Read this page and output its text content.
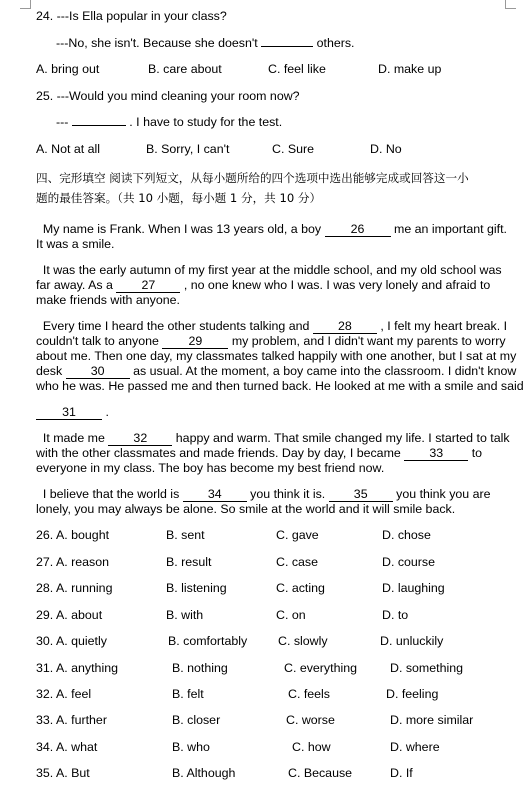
24. ---Is Ella popular in your class?
---No, she isn't. Because she doesn't	others.
A. bring out	B. care about	C. feel like	D. make up
25. ---Would you mind cleaning your room now?
---	. I have to study for the test.
A. Not at all	B. Sorry, I can't	C. Sure	D. No
四、完形填空 阅读下列短文，从每小题所给的四个选项中选出能够完成或回答这一小
题的最佳答案。（共 10 小题，每小题 1 分，共 10 分）
My name is Frank. When I was 13 years old, a boy 26 me an important gift.
It was a smile.
It was the early autumn of my first year at the middle school, and my old school was
far away. As a 27 , no one knew who I was. I was very lonely and afraid to
make friends with anyone.
Every time I heard the other students talking and 28 , I felt my heart break. I
couldn't talk to anyone 29 my problem, and I didn't want my parents to worry
about me. Then one day, my classmates talked happily with one another, but I sat at my
desk 30 as usual. At the moment, a boy came into the classroom. I didn't know
who he was. He passed me and then turned back. He looked at me with a smile and said
31 .
It made me 32 happy and warm. That smile changed my life. I started to talk
with the other classmates and made friends. Day by day, I became 33 to
everyone in my class. The boy has become my best friend now.
I believe that the world is 34 you think it is. 35 you think you are
lonely, you may always be alone. So smile at the world and it will smile back.
26. A. bought	B. sent	C. gave	D. chose
27. A. reason	B. result	C. case	D. course
28. A. running	B. listening	C. acting	D. laughing
29. A. about	B. with	C. on	D. to
30. A. quietly	B. comfortably C. slowly	D. unluckily
31. A. anything	B. nothing	C. everything	D. something
32. A. feel	B. felt	C. feels	D. feeling
33. A. further	B. closer	C. worse	D. more similar
34. A. what	B. who	C. how	D. where
35. A. But	B. Although	C. Because	D. If
